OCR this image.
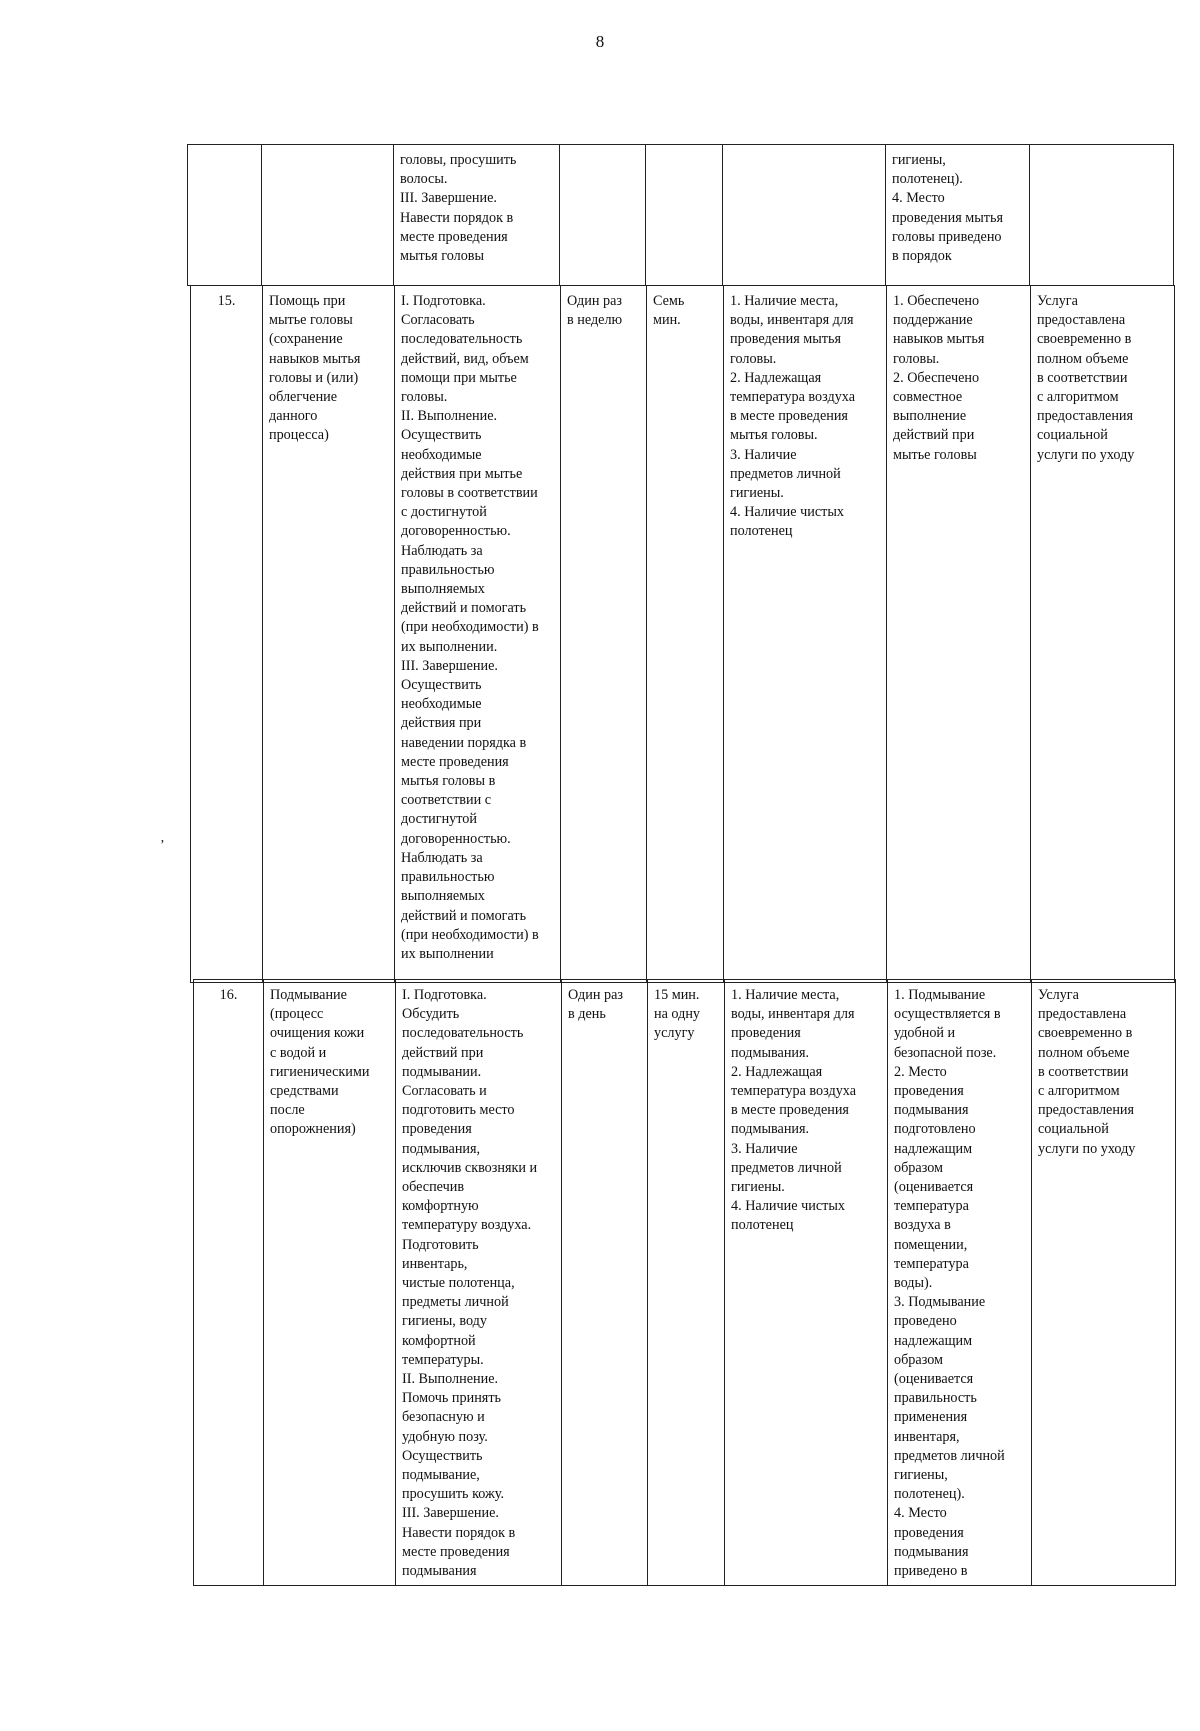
8
ʼ
		головы, просушить
волосы.
III. Завершение.
Навести порядок в
месте проведения
мытья головы				гигиены,
полотенец).
4. Место
проведения мытья
головы приведено
в порядок	
15.	Помощь при
мытье головы
(сохранение
навыков мытья
головы и (или)
облегчение
данного
процесса)	I. Подготовка.
Согласовать
последовательность
действий, вид, объем
помощи при мытье
головы.
II. Выполнение.
Осуществить
необходимые
действия при мытье
головы в соответствии
с достигнутой
договоренностью.
Наблюдать за
правильностью
выполняемых
действий и помогать
(при необходимости) в
их выполнении.
III. Завершение.
Осуществить
необходимые
действия при
наведении порядка в
месте проведения
мытья головы в
соответствии с
достигнутой
договоренностью.
Наблюдать за
правильностью
выполняемых
действий и помогать
(при необходимости) в
их выполнении	Один раз
в неделю	Семь
мин.	1. Наличие места,
воды, инвентаря для
проведения мытья
головы.
2. Надлежащая
температура воздуха
в месте проведения
мытья головы.
3. Наличие
предметов личной
гигиены.
4. Наличие чистых
полотенец	1. Обеспечено
поддержание
навыков мытья
головы.
2. Обеспечено
совместное
выполнение
действий при
мытье головы	Услуга
предоставлена
своевременно в
полном объеме
в соответствии
с алгоритмом
предоставления
социальной
услуги по уходу
16.	Подмывание
(процесс
очищения кожи
с водой и
гигиеническими
средствами
после
опорожнения)	I. Подготовка.
Обсудить
последовательность
действий при
подмывании.
Согласовать и
подготовить место
проведения
подмывания,
исключив сквозняки и
обеспечив
комфортную
температуру воздуха.
Подготовить
инвентарь,
чистые полотенца,
предметы личной
гигиены, воду
комфортной
температуры.
II. Выполнение.
Помочь принять
безопасную и
удобную позу.
Осуществить
подмывание,
просушить кожу.
III. Завершение.
Навести порядок в
месте проведения
подмывания	Один раз
в день	15 мин.
на одну
услугу	1. Наличие места,
воды, инвентаря для
проведения
подмывания.
2. Надлежащая
температура воздуха
в месте проведения
подмывания.
3. Наличие
предметов личной
гигиены.
4. Наличие чистых
полотенец	1. Подмывание
осуществляется в
удобной и
безопасной позе.
2. Место
проведения
подмывания
подготовлено
надлежащим
образом
(оценивается
температура
воздуха в
помещении,
температура
воды).
3. Подмывание
проведено
надлежащим
образом
(оценивается
правильность
применения
инвентаря,
предметов личной
гигиены,
полотенец).
4. Место
проведения
подмывания
приведено в	Услуга
предоставлена
своевременно в
полном объеме
в соответствии
с алгоритмом
предоставления
социальной
услуги по уходу
